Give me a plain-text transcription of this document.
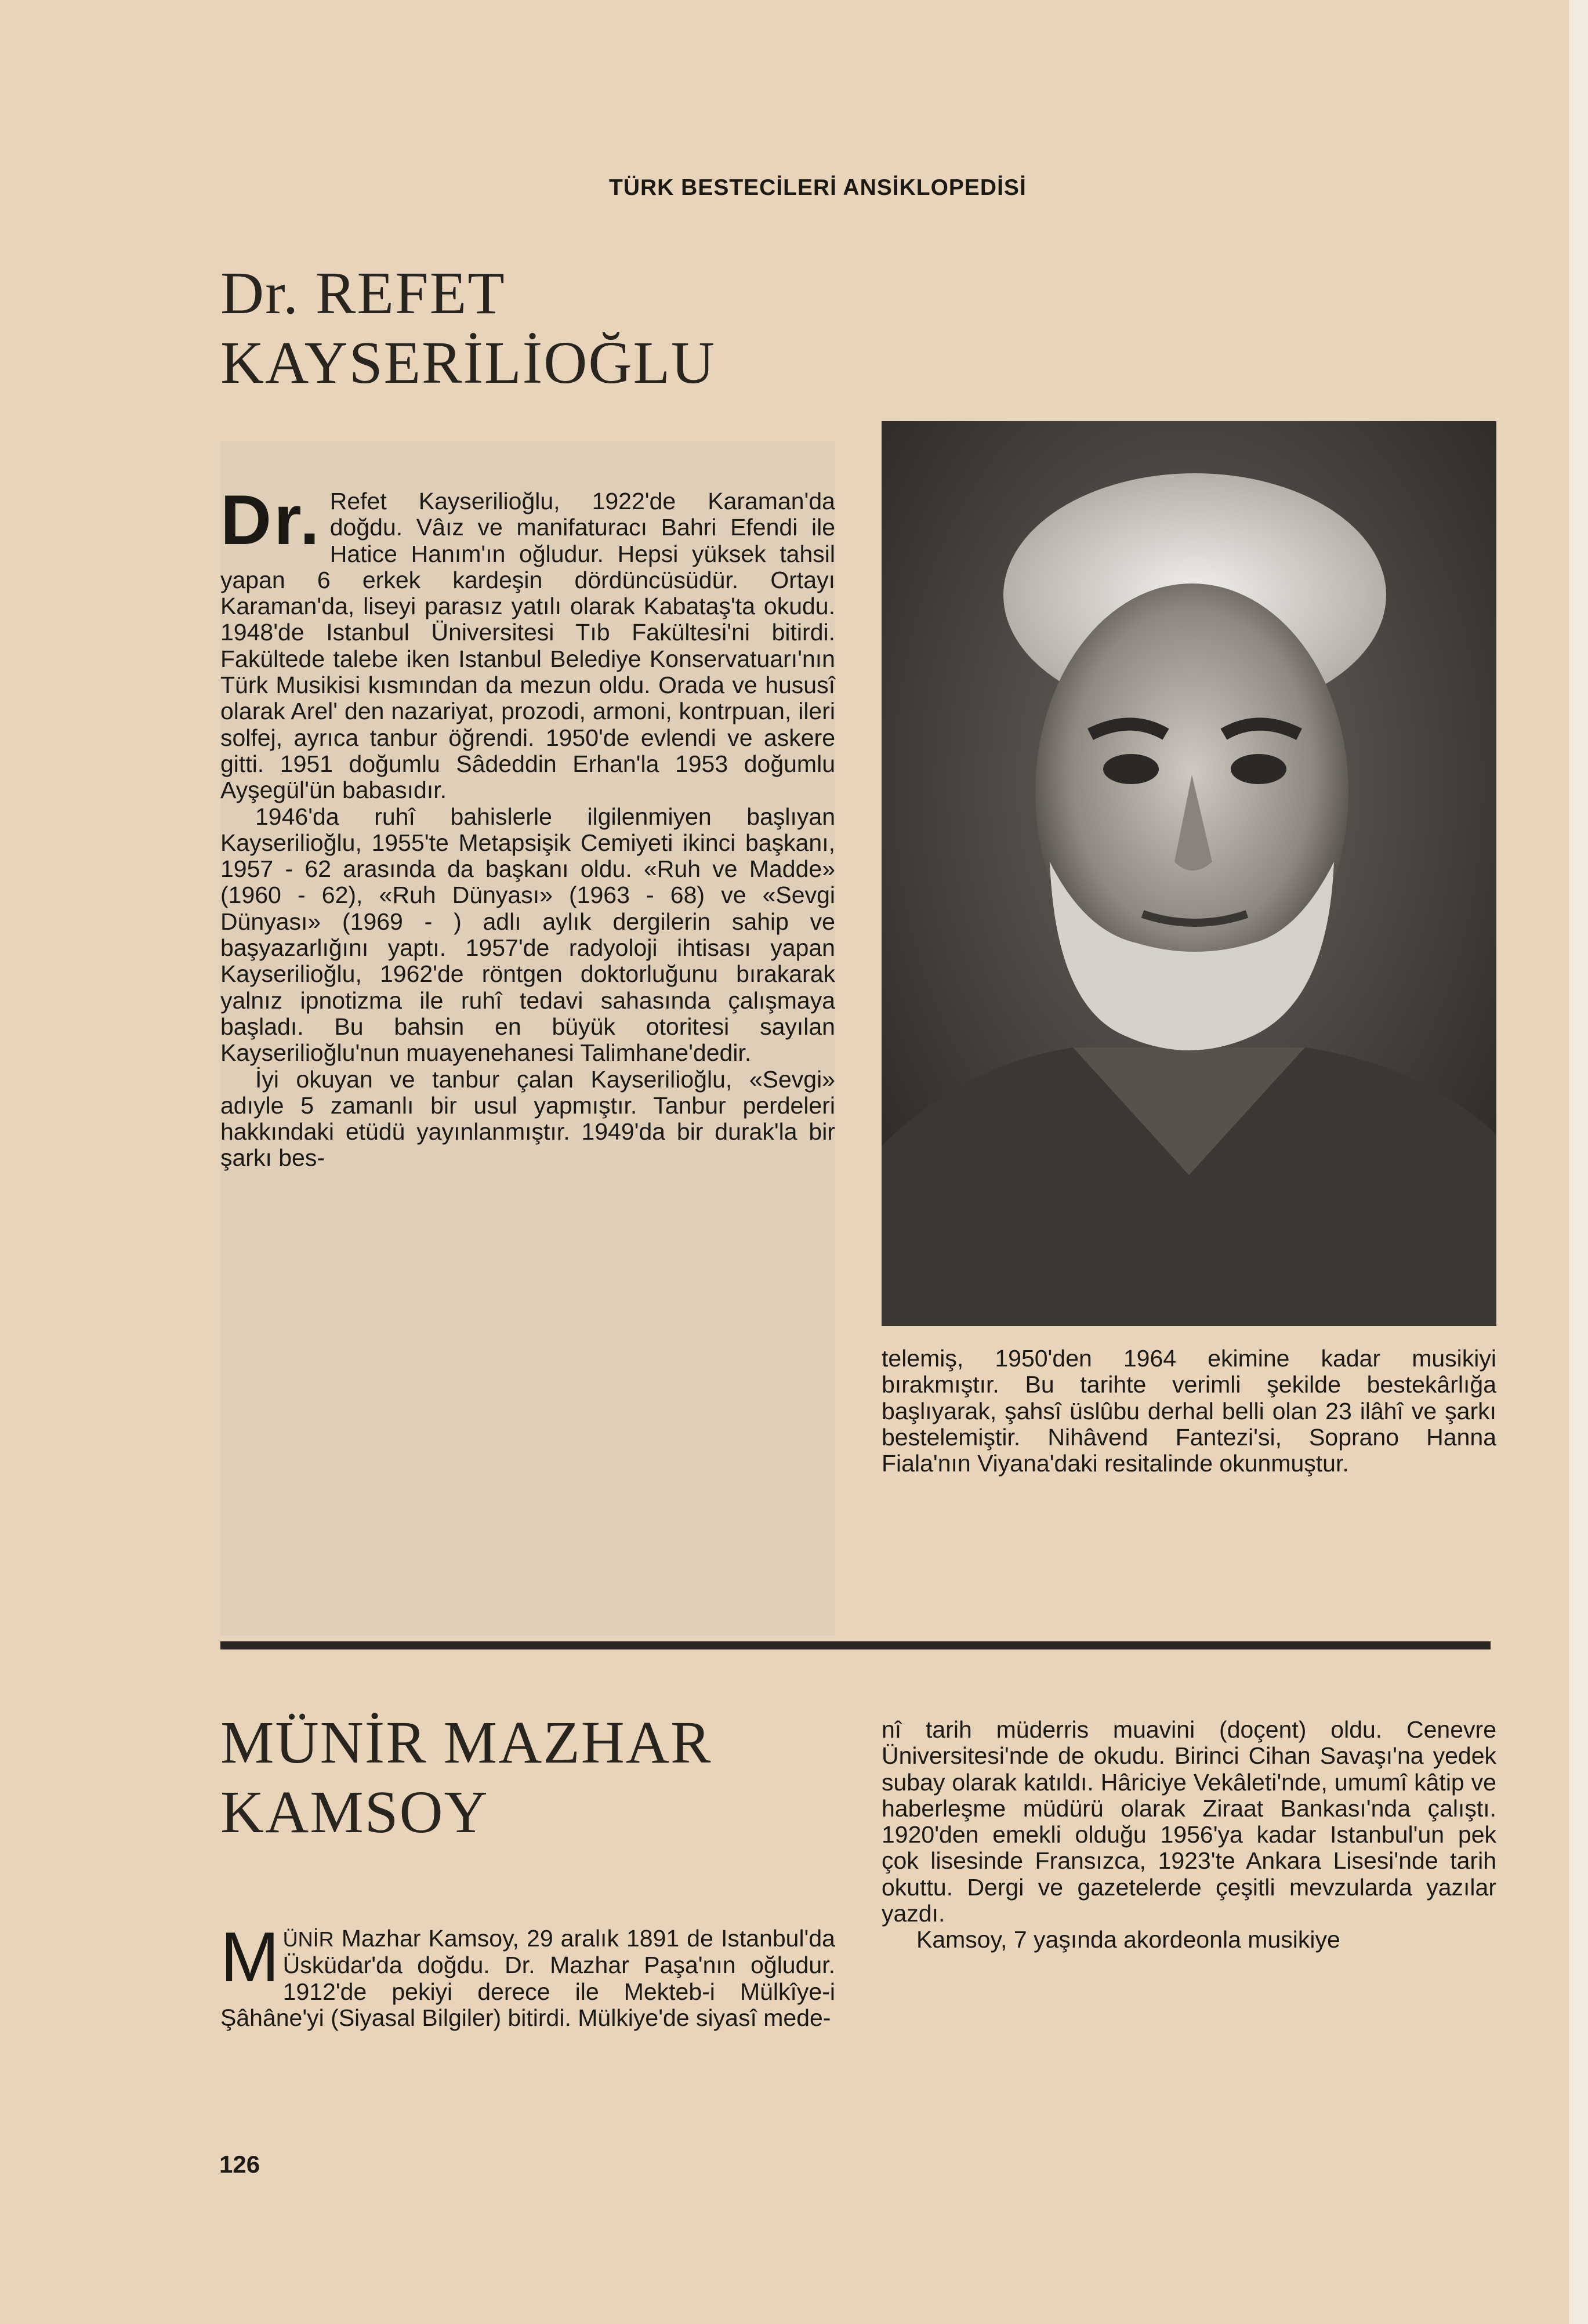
TÜRK BESTECİLERİ ANSİKLOPEDİSİ
Dr. REFET
KAYSERİLİOĞLU

Dr. Refet Kayserilioğlu, 1922'de Karaman'da doğdu. Vâız ve manifaturacı Bahri Efendi ile Hatice Hanım'ın oğludur. Hepsi yüksek tahsil yapan 6 erkek kardeşin dördüncüsüdür. Ortayı Karaman'da, liseyi parasız yatılı olarak Kabataş'ta okudu. 1948'de Istanbul Üniversitesi Tıb Fakültesi'ni bitirdi. Fakültede talebe iken Istanbul Belediye Konservatuarı'nın Türk Musikisi kısmından da mezun oldu. Orada ve hususî olarak Arel' den nazariyat, prozodi, armoni, kontrpuan, ileri solfej, ayrıca tanbur öğrendi. 1950'de evlendi ve askere gitti. 1951 doğumlu Sâdeddin Erhan'la 1953 doğumlu Ayşegül'ün babasıdır.

1946'da ruhî bahislerle ilgilenmiyen başlıyan Kayserilioğlu, 1955'te Metapsişik Cemiyeti ikinci başkanı, 1957 - 62 arasında da başkanı oldu. «Ruh ve Madde» (1960 - 62), «Ruh Dünyası» (1963 - 68) ve «Sevgi Dünyası» (1969 - ) adlı aylık dergilerin sahip ve başyazarlığını yaptı. 1957'de radyoloji ihtisası yapan Kayserilioğlu, 1962'de röntgen doktorluğunu bırakarak yalnız ipnotizma ile ruhî tedavi sahasında çalışmaya başladı. Bu bahsin en büyük otoritesi sayılan Kayserilioğlu'nun muayenehanesi Talimhane'dedir.

İyi okuyan ve tanbur çalan Kayserilioğlu, «Sevgi» adıyle 5 zamanlı bir usul yapmıştır. Tanbur perdeleri hakkındaki etüdü yayınlanmıştır. 1949'da bir durak'la bir şarkı bes-

telemiş, 1950'den 1964 ekimine kadar musikiyi bırakmıştır. Bu tarihte verimli şekilde bestekârlığa başlıyarak, şahsî üslûbu derhal belli olan 23 ilâhî ve şarkı bestelemiştir. Nihâvend Fantezi'si, Soprano Hanna Fiala'nın Viyana'daki resitalinde okunmuştur.
MÜNİR MAZHAR
KAMSOY

MÜNİR Mazhar Kamsoy, 29 aralık 1891 de Istanbul'da Üsküdar'da doğdu. Dr. Mazhar Paşa'nın oğludur. 1912'de pekiyi derece ile Mekteb-i Mülkîye-i Şâhâne'yi (Siyasal Bilgiler) bitirdi. Mülkiye'de siyasî mede-

nî tarih müderris muavini (doçent) oldu. Cenevre Üniversitesi'nde de okudu. Birinci Cihan Savaşı'na yedek subay olarak katıldı. Hâriciye Vekâleti'nde, umumî kâtip ve haberleşme müdürü olarak Ziraat Bankası'nda çalıştı. 1920'den emekli olduğu 1956'ya kadar Istanbul'un pek çok lisesinde Fransızca, 1923'te Ankara Lisesi'nde tarih okuttu. Dergi ve gazetelerde çeşitli mevzularda yazılar yazdı.

Kamsoy, 7 yaşında akordeonla musikiye

126
